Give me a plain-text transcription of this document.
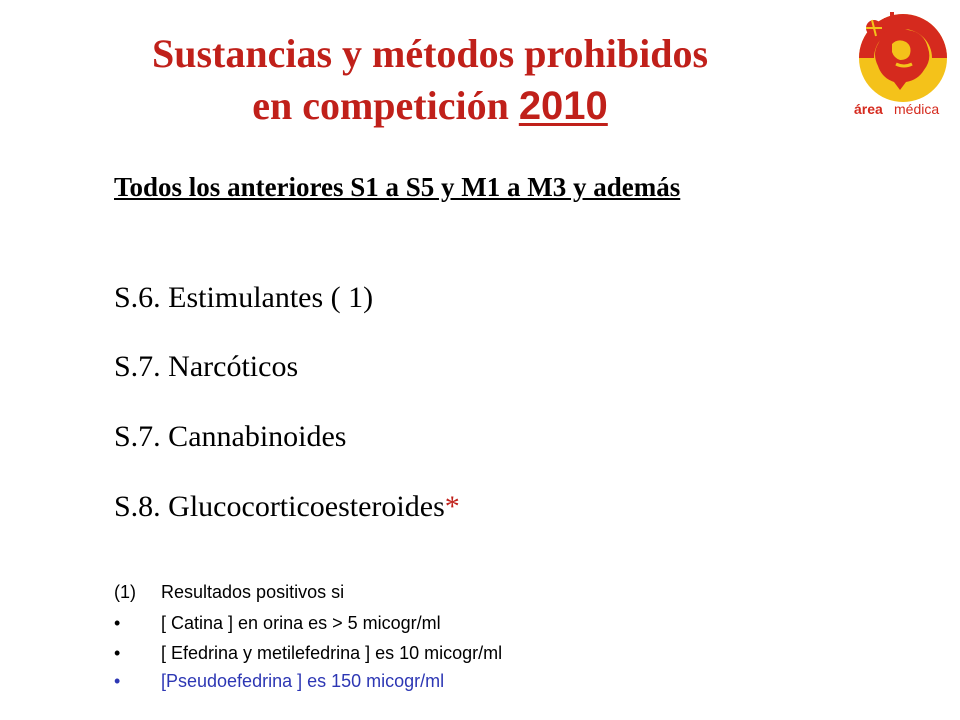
Sustancias y métodos prohibidos
en competición 2010	área médica
Todos los anteriores S1 a S5 y M1 a M3 y además
S.6. Estimulantes ( 1)
S.7. Narcóticos
S.7. Cannabinoides
S.8. Glucocorticoesteroides*
(1) Resultados positivos si
• [ Catina ] en orina es > 5 micogr/ml
• [ Efedrina y metilefedrina ] es 10 micogr/ml
• [Pseudoefedrina ] es 150 micogr/ml
